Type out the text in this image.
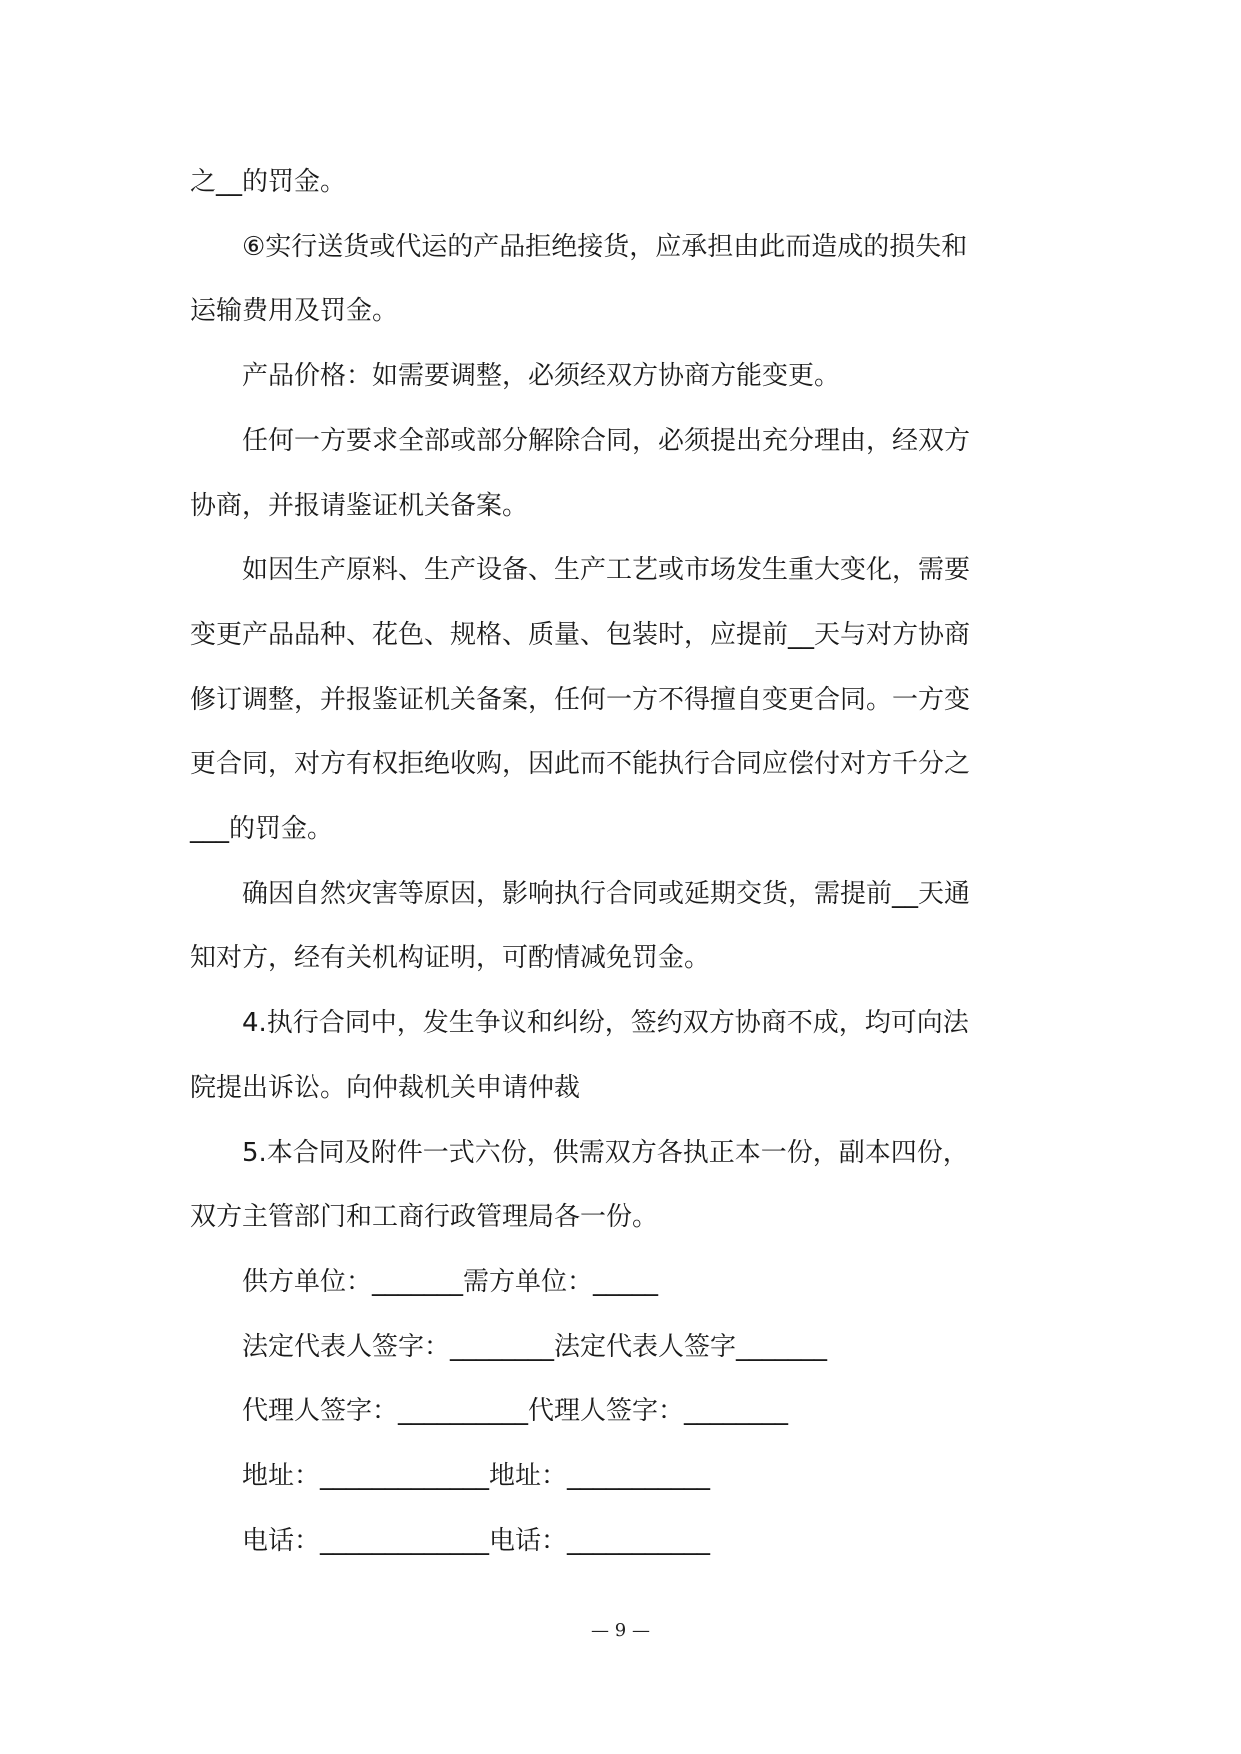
之__的罚金。

⑥实行送货或代运的产品拒绝接货，应承担由此而造成的损失和

运输费用及罚金。

产品价格：如需要调整，必须经双方协商方能变更。

任何一方要求全部或部分解除合同，必须提出充分理由，经双方

协商，并报请鉴证机关备案。

如因生产原料、生产设备、生产工艺或市场发生重大变化，需要

变更产品品种、花色、规格、质量、包装时，应提前__天与对方协商

修订调整，并报鉴证机关备案，任何一方不得擅自变更合同。一方变

更合同，对方有权拒绝收购，因此而不能执行合同应偿付对方千分之

___的罚金。

确因自然灾害等原因，影响执行合同或延期交货，需提前__天通

知对方，经有关机构证明，可酌情减免罚金。

4.执行合同中，发生争议和纠纷，签约双方协商不成，均可向法

院提出诉讼。向仲裁机关申请仲裁

5.本合同及附件一式六份，供需双方各执正本一份，副本四份，

双方主管部门和工商行政管理局各一份。

供方单位：_______需方单位：_____

法定代表人签字：________法定代表人签字_______

代理人签字：__________代理人签字：________

地址：_____________地址：___________

电话：_____________电话：___________

— 9 —
